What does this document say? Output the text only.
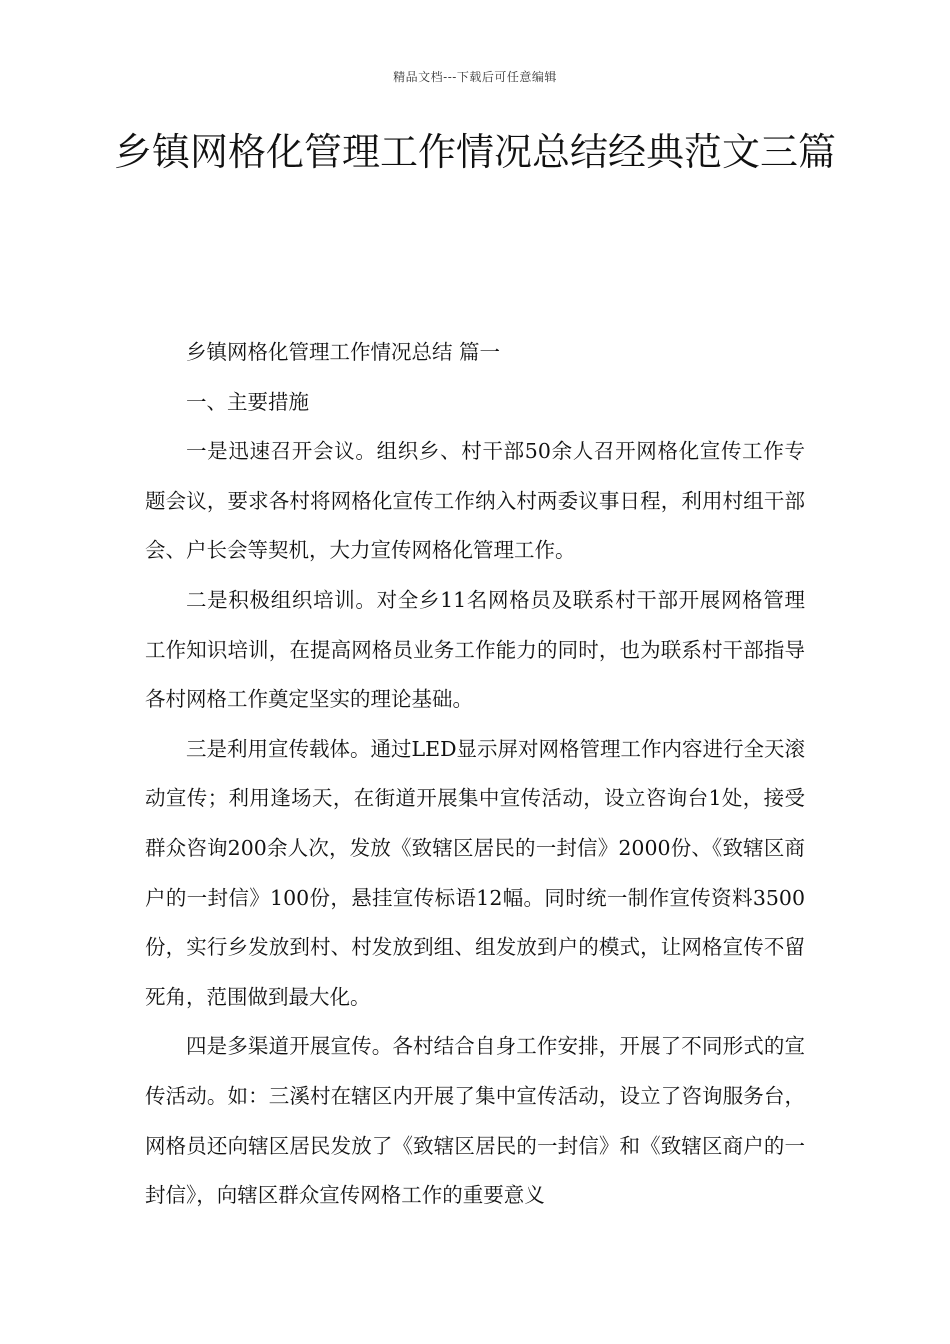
精品文档---下载后可任意编辑
乡镇网格化管理工作情况总结经典范文三篇

乡镇网格化管理工作情况总结 篇一

一、主要措施

一是迅速召开会议。组织乡、村干部50余人召开网格化宣传工作专题会议，要求各村将网格化宣传工作纳入村两委议事日程，利用村组干部会、户长会等契机，大力宣传网格化管理工作。

二是积极组织培训。对全乡11名网格员及联系村干部开展网格管理工作知识培训，在提高网格员业务工作能力的同时，也为联系村干部指导各村网格工作奠定坚实的理论基础。

三是利用宣传载体。通过LED显示屏对网格管理工作内容进行全天滚动宣传；利用逢场天，在街道开展集中宣传活动，设立咨询台1处，接受群众咨询200余人次，发放《致辖区居民的一封信》2000份、《致辖区商户的一封信》100份，悬挂宣传标语12幅。同时统一制作宣传资料3500份，实行乡发放到村、村发放到组、组发放到户的模式，让网格宣传不留死角，范围做到最大化。

四是多渠道开展宣传。各村结合自身工作安排，开展了不同形式的宣传活动。如：三溪村在辖区内开展了集中宣传活动，设立了咨询服务台，网格员还向辖区居民发放了《致辖区居民的一封信》和《致辖区商户的一封信》，向辖区群众宣传网格工作的重要意义
